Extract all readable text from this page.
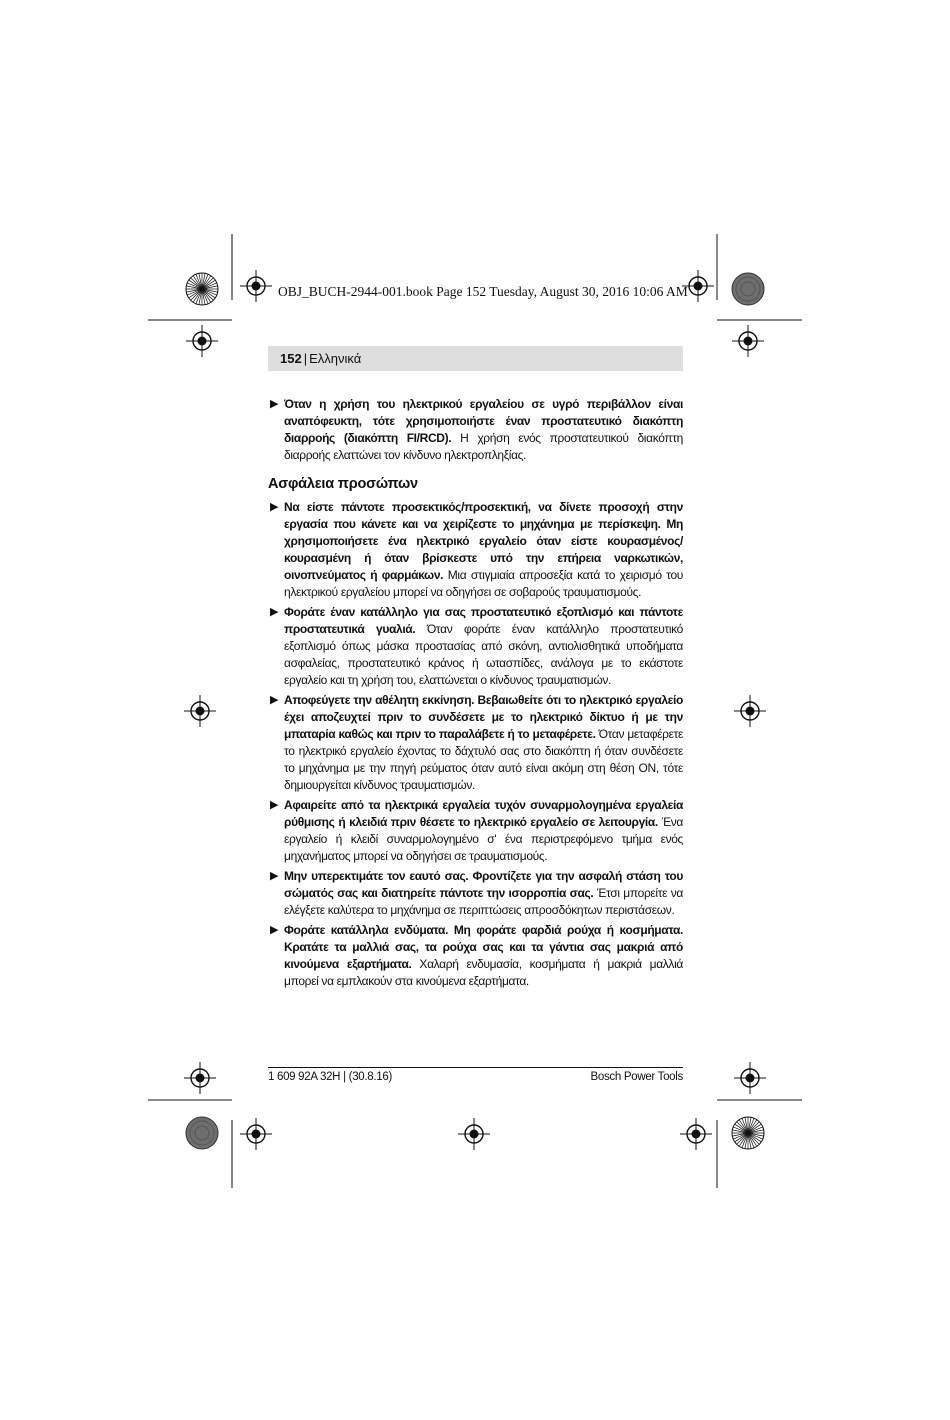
OBJ_BUCH-2944-001.book Page 152 Tuesday, August 30, 2016 10:06 AM
152 | Ελληνικά
▶ Όταν η χρήση του ηλεκτρικού εργαλείου σε υγρό περιβάλλον είναι αναπόφευκτη, τότε χρησιμοποιήστε έναν προστατευτικό διακόπτη διαρροής (διακόπτη FI/RCD). Η χρήση ενός προστατευτικού διακόπτη διαρροής ελαττώνει τον κίνδυνο ηλεκτροπληξίας.
Ασφάλεια προσώπων
▶ Να είστε πάντοτε προσεκτικός/προσεκτική, να δίνετε προσοχή στην εργασία που κάνετε και να χειρίζεστε το μηχάνημα με περίσκεψη. Μη χρησιμοποιήσετε ένα ηλεκτρικό εργαλείο όταν είστε κουρασμένος/κουρασμένη ή όταν βρίσκεστε υπό την επήρεια ναρκωτικών, οινοπνεύματος ή φαρμάκων. Μια στιγμιαία απροσεξία κατά το χειρισμό του ηλεκτρικού εργαλείου μπορεί να οδηγήσει σε σοβαρούς τραυματισμούς.
▶ Φοράτε έναν κατάλληλο για σας προστατευτικό εξοπλισμό και πάντοτε προστατευτικά γυαλιά. Όταν φοράτε έναν κατάλληλο προστατευτικό εξοπλισμό όπως μάσκα προστασίας από σκόνη, αντιολισθητικά υποδήματα ασφαλείας, προστατευτικό κράνος ή ωτασπίδες, ανάλογα με το εκάστοτε εργαλείο και τη χρήση του, ελαττώνεται ο κίνδυνος τραυματισμών.
▶ Αποφεύγετε την αθέλητη εκκίνηση. Βεβαιωθείτε ότι το ηλεκτρικό εργαλείο έχει αποζευχτεί πριν το συνδέσετε με το ηλεκτρικό δίκτυο ή με την μπαταρία καθώς και πριν το παραλάβετε ή το μεταφέρετε. Όταν μεταφέρετε το ηλεκτρικό εργαλείο έχοντας το δάχτυλό σας στο διακόπτη ή όταν συνδέσετε το μηχάνημα με την πηγή ρεύματος όταν αυτό είναι ακόμη στη θέση ON, τότε δημιουργείται κίνδυνος τραυματισμών.
▶ Αφαιρείτε από τα ηλεκτρικά εργαλεία τυχόν συναρμολογημένα εργαλεία ρύθμισης ή κλειδιά πριν θέσετε το ηλεκτρικό εργαλείο σε λειτουργία. Ένα εργαλείο ή κλειδί συναρμολογημένο σ' ένα περιστρεφόμενο τμήμα ενός μηχανήματος μπορεί να οδηγήσει σε τραυματισμούς.
▶ Μην υπερεκτιμάτε τον εαυτό σας. Φροντίζετε για την ασφαλή στάση του σώματός σας και διατηρείτε πάντοτε την ισορροπία σας. Έτσι μπορείτε να ελέγξετε καλύτερα το μηχάνημα σε περιπτώσεις απροσδόκητων περιστάσεων.
▶ Φοράτε κατάλληλα ενδύματα. Μη φοράτε φαρδιά ρούχα ή κοσμήματα. Κρατάτε τα μαλλιά σας, τα ρούχα σας και τα γάντια σας μακριά από κινούμενα εξαρτήματα. Χαλαρή ενδυμασία, κοσμήματα ή μακριά μαλλιά μπορεί να εμπλακούν στα κινούμενα εξαρτήματα.
1 609 92A 32H | (30.8.16)	Bosch Power Tools
